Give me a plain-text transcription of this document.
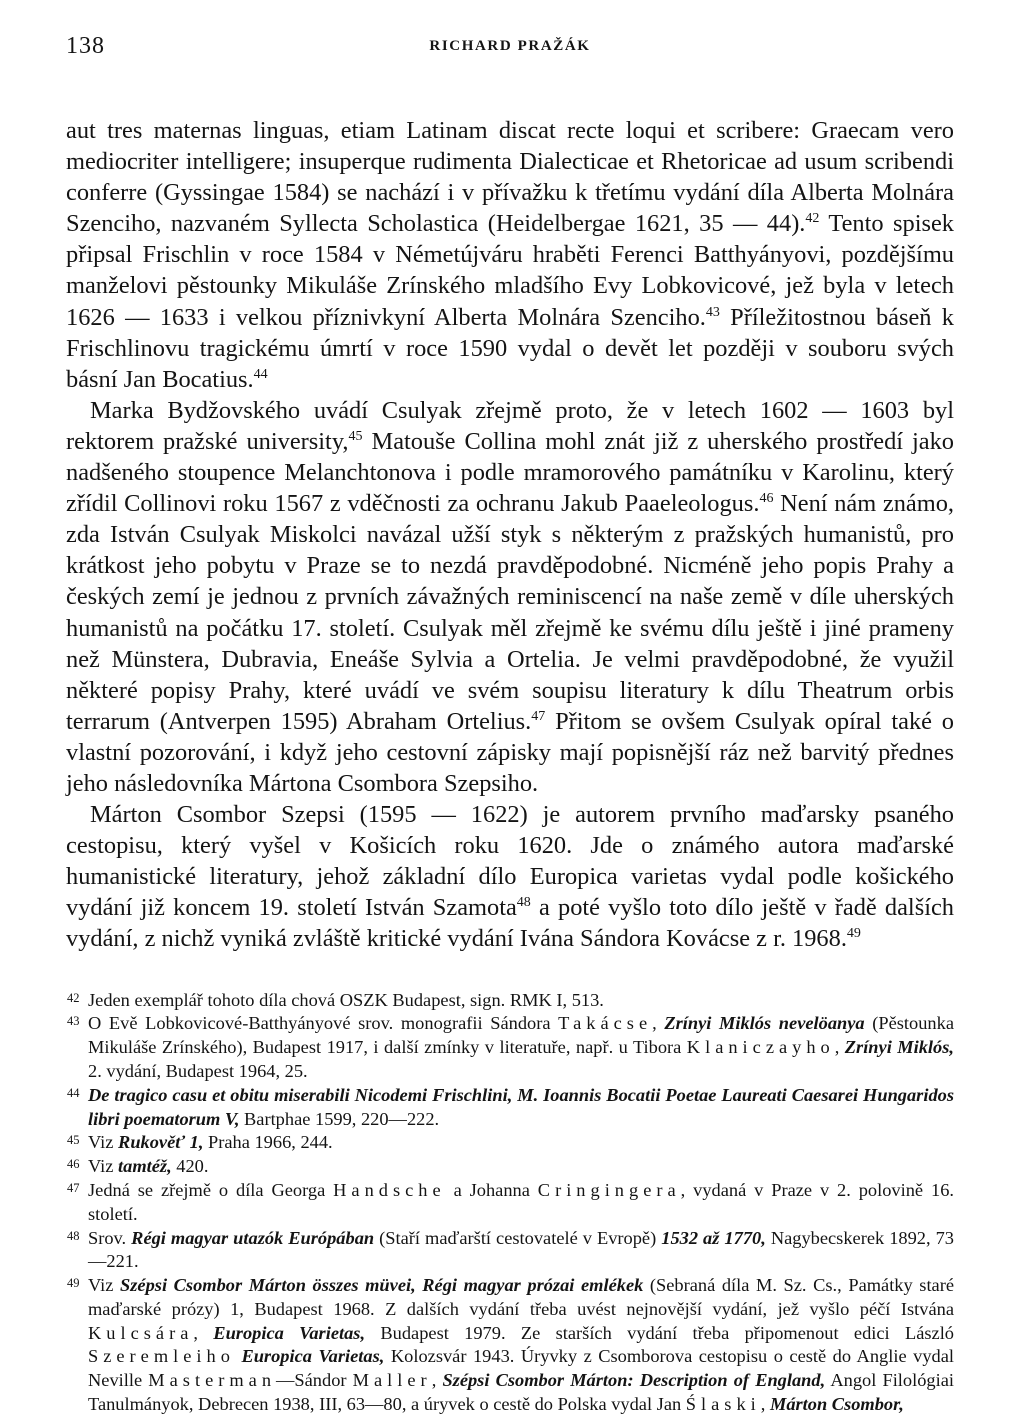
138	RICHARD PRAŽÁK

aut tres maternas linguas, etiam Latinam discat recte loqui et scribere: Graecam vero mediocriter intelligere; insuperque rudimenta Dialecticae et Rhetoricae ad usum scribendi conferre (Gyssingae 1584) se nachází i v přívažku k třetímu vydání díla Alberta Molnára Szenciho, nazvaném Syllecta Scholastica (Heidelbergae 1621, 35 — 44).$^{42}$ Tento spisek připsal Frischlin v roce 1584 v Németújváru hraběti Ferenci Batthyányovi, pozdějšímu manželovi pěstounky Mikuláše Zrínského mladšího Evy Lobkovicové, jež byla v letech 1626 — 1633 i velkou příznivkyní Alberta Molnára Szenciho.$^{43}$ Příležitostnou báseň k Frischlinovu tragickému úmrtí v roce 1590 vydal o devět let později v souboru svých básní Jan Bocatius.$^{44}$

Marka Bydžovského uvádí Csulyak zřejmě proto, že v letech 1602 — 1603 byl rektorem pražské university,$^{45}$ Matouše Collina mohl znát již z uherského prostředí jako nadšeného stoupence Melanchtonova i podle mramorového památníku v Karolinu, který zřídil Collinovi roku 1567 z vděčnosti za ochranu Jakub Paaeleologus.$^{46}$ Není nám známo, zda István Csulyak Miskolci navázal užší styk s některým z pražských humanistů, pro krátkost jeho pobytu v Praze se to nezdá pravděpodobné. Nicméně jeho popis Prahy a českých zemí je jednou z prvních závažných reminiscencí na naše země v díle uherských humanistů na počátku 17. století. Csulyak měl zřejmě ke svému dílu ještě i jiné prameny než Münstera, Dubravia, Eneáše Sylvia a Ortelia. Je velmi pravděpodobné, že využil některé popisy Prahy, které uvádí ve svém soupisu literatury k dílu Theatrum orbis terrarum (Antverpen 1595) Abraham Ortelius.$^{47}$ Přitom se ovšem Csulyak opíral také o vlastní pozorování, i když jeho cestovní zápisky mají popisnější ráz než barvitý přednes jeho následovníka Mártona Csombora Szepsiho.

Márton Csombor Szepsi (1595 — 1622) je autorem prvního maďarsky psaného cestopisu, který vyšel v Košicích roku 1620. Jde o známého autora maďarské humanistické literatury, jehož základní dílo Europica varietas vydal podle košického vydání již koncem 19. století István Szamota$^{48}$ a poté vyšlo toto dílo ještě v řadě dalších vydání, z nichž vyniká zvláště kritické vydání Ivána Sándora Kovácse z r. 1968.49

42 Jeden exemplář tohoto díla chová OSZK Budapest, sign. RMK I, 513.
43 O Evě Lobkovicové-Batthyányové srov. monografii Sándora Takácse, Zrínyi Miklós nevelöanya (Pěstounka Mikuláše Zrínského), Budapest 1917, i další zmínky v literatuře, např. u Tibora Klaniczayho, Zrínyi Miklós, 2. vydání, Budapest 1964, 25.
44 De tragico casu et obitu miserabili Nicodemi Frischlini, M. Ioannis Bocatii Poetae Laureati Caesarei Hungaridos libri poematorum V, Bartphae 1599, 220—222.
45 Viz Rukověť 1, Praha 1966, 244.
46 Viz tamtéž, 420.
47 Jedná se zřejmě o díla Georga Handsche a Johanna Cringingera, vydaná v Praze v 2. polovině 16. století.
48 Srov. Régi magyar utazók Európában (Staří maďarští cestovatelé v Evropě) 1532 až 1770, Nagybecskerek 1892, 73—221.
49 Viz Szépsi Csombor Márton összes müvei, Régi magyar prózai emlékek (Sebraná díla M. Sz. Cs., Památky staré maďarské prózy) 1, Budapest 1968. Z dalších vydání třeba uvést nejnovější vydání, jež vyšlo péčí Istvána Kulcsára, Europica Varietas, Budapest 1979. Ze starších vydání třeba připomenout edici László Szeremleiho Europica Varietas, Kolozsvár 1943. Úryvky z Csomborova cestopisu o cestě do Anglie vydal Neville Masterman—Sándor Maller, Szépsi Csombor Márton: Description of England, Angol Filológiai Tanulmányok, Debrecen 1938, III, 63—80, a úryvek o cestě do Polska vydal Jan Ślaski, Márton Csombor,
